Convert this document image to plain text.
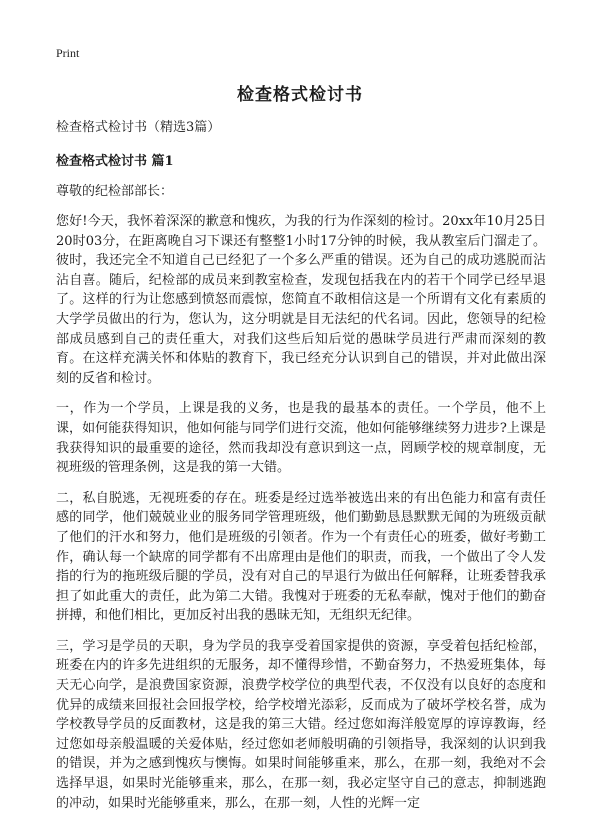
Print
检查格式检讨书

检查格式检讨书（精选3篇）

检查格式检讨书 篇1

尊敬的纪检部部长：

您好!今天，我怀着深深的歉意和愧疚，为我的行为作深刻的检讨。20xx年10月25日20时03分，在距离晚自习下课还有整整1小时17分钟的时候，我从教室后门溜走了。彼时，我还完全不知道自己已经犯了一个多么严重的错误。还为自己的成功逃脱而沾沾自喜。随后，纪检部的成员来到教室检查，发现包括我在内的若干个同学已经早退了。这样的行为让您感到愤怒而震惊，您简直不敢相信这是一个所谓有文化有素质的大学学员做出的行为，您认为，这分明就是目无法纪的代名词。因此，您领导的纪检部成员感到自己的责任重大，对我们这些后知后觉的愚昧学员进行严肃而深刻的教育。在这样充满关怀和体贴的教育下，我已经充分认识到自己的错误，并对此做出深刻的反省和检讨。

一，作为一个学员，上课是我的义务，也是我的最基本的责任。一个学员，他不上课，如何能获得知识，他如何能与同学们进行交流，他如何能够继续努力进步?上课是我获得知识的最重要的途径，然而我却没有意识到这一点，罔顾学校的规章制度，无视班级的管理条例，这是我的第一大错。

二，私自脱逃，无视班委的存在。班委是经过选举被选出来的有出色能力和富有责任感的同学，他们兢兢业业的服务同学管理班级，他们勤勤恳恳默默无闻的为班级贡献了他们的汗水和努力，他们是班级的引领者。作为一个有责任心的班委，做好考勤工作，确认每一个缺席的同学都有不出席理由是他们的职责，而我，一个做出了令人发指的行为的拖班级后腿的学员，没有对自己的早退行为做出任何解释，让班委替我承担了如此重大的责任，此为第二大错。我愧对于班委的无私奉献，愧对于他们的勤奋拼搏，和他们相比，更加反衬出我的愚昧无知，无组织无纪律。

三，学习是学员的天职，身为学员的我享受着国家提供的资源，享受着包括纪检部，班委在内的许多先进组织的无服务，却不懂得珍惜，不勤奋努力，不热爱班集体，每天无心向学，是浪费国家资源，浪费学校学位的典型代表，不仅没有以良好的态度和优异的成绩来回报社会回报学校，给学校增光添彩，反而成为了破坏学校名誉，成为学校教导学员的反面教材，这是我的第三大错。经过您如海洋般宽厚的谆谆教诲，经过您如母亲般温暖的关爱体贴，经过您如老师般明确的引领指导，我深刻的认识到我的错误，并为之感到愧疚与懊悔。如果时间能够重来，那么，在那一刻，我绝对不会选择早退，如果时光能够重来，那么，在那一刻，我必定坚守自己的意志，抑制逃跑的冲动，如果时光能够重来，那么，在那一刻，人性的光辉一定
